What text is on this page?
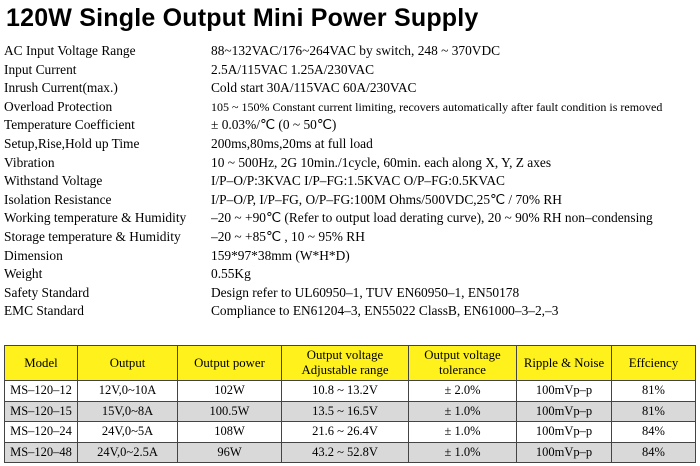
120W Single Output Mini Power Supply
AC Input Voltage Range	88~132VAC/176~264VAC by switch, 248 ~ 370VDC
Input Current	2.5A/115VAC 1.25A/230VAC
Inrush Current(max.)	Cold start 30A/115VAC 60A/230VAC
Overload Protection	105 ~ 150% Constant current limiting, recovers automatically after fault condition is removed
Temperature Coefficient	± 0.03%/℃ (0 ~ 50℃)
Setup,Rise,Hold up Time	200ms,80ms,20ms at full load
Vibration	10 ~ 500Hz, 2G 10min./1cycle, 60min. each along X, Y, Z axes
Withstand Voltage	I/P–O/P:3KVAC I/P–FG:1.5KVAC O/P–FG:0.5KVAC
Isolation Resistance	I/P–O/P, I/P–FG, O/P–FG:100M Ohms/500VDC,25℃ / 70% RH
Working temperature & Humidity	–20 ~ +90℃ (Refer to output load derating curve), 20 ~ 90% RH non–condensing
Storage temperature & Humidity	–20 ~ +85℃ , 10 ~ 95% RH
Dimension	159*97*38mm (W*H*D)
Weight	0.55Kg
Safety Standard	Design refer to UL60950–1, TUV EN60950–1, EN50178
EMC Standard	Compliance to EN61204–3, EN55022 ClassB, EN61000–3–2,–3
Model	Output	Output power	Output voltage Adjustable range	Output voltage tolerance	Ripple & Noise	Effciency
MS–120–12	12V,0~10A	102W	10.8 ~ 13.2V	± 2.0%	100mVp–p	81%
MS–120–15	15V,0~8A	100.5W	13.5 ~ 16.5V	± 1.0%	100mVp–p	81%
MS–120–24	24V,0~5A	108W	21.6 ~ 26.4V	± 1.0%	100mVp–p	84%
MS–120–48	24V,0~2.5A	96W	43.2 ~ 52.8V	± 1.0%	100mVp–p	84%
